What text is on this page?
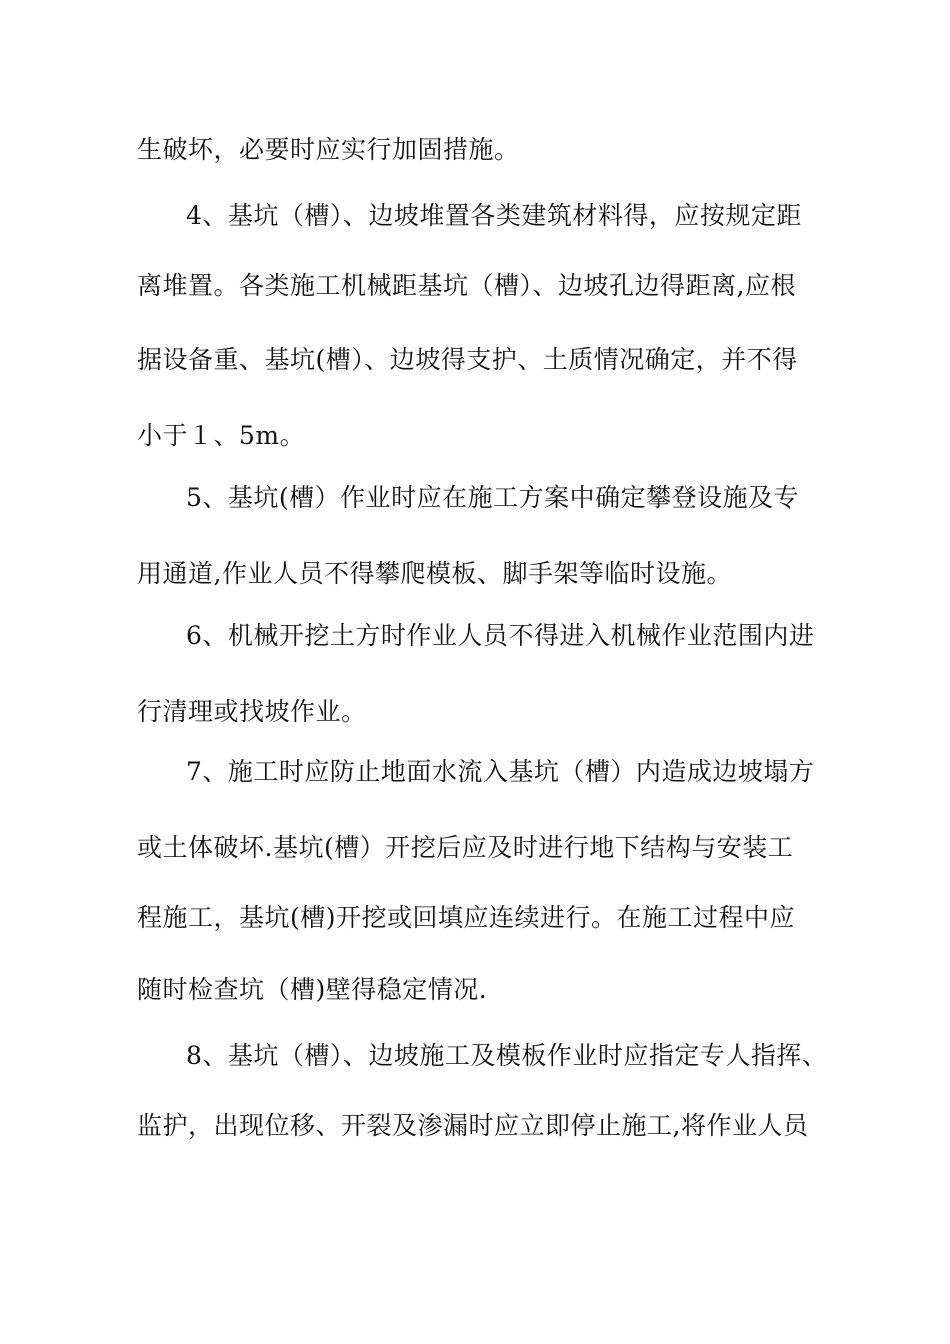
生破坏，必要时应实行加固措施。
4、基坑（槽）、边坡堆置各类建筑材料得，应按规定距
离堆置。各类施工机械距基坑（槽）、边坡孔边得距离,应根
据设备重、基坑(槽）、边坡得支护、土质情况确定，并不得
小于１、5m。
5、基坑(槽）作业时应在施工方案中确定攀登设施及专
用通道,作业人员不得攀爬模板、脚手架等临时设施。
6、机械开挖土方时作业人员不得进入机械作业范围内进
行清理或找坡作业。
7、施工时应防止地面水流入基坑（槽）内造成边坡塌方
或土体破坏.基坑(槽）开挖后应及时进行地下结构与安装工
程施工，基坑(槽)开挖或回填应连续进行。在施工过程中应
随时检查坑（槽)壁得稳定情况.
8、基坑（槽）、边坡施工及模板作业时应指定专人指挥、
监护，出现位移、开裂及渗漏时应立即停止施工,将作业人员
